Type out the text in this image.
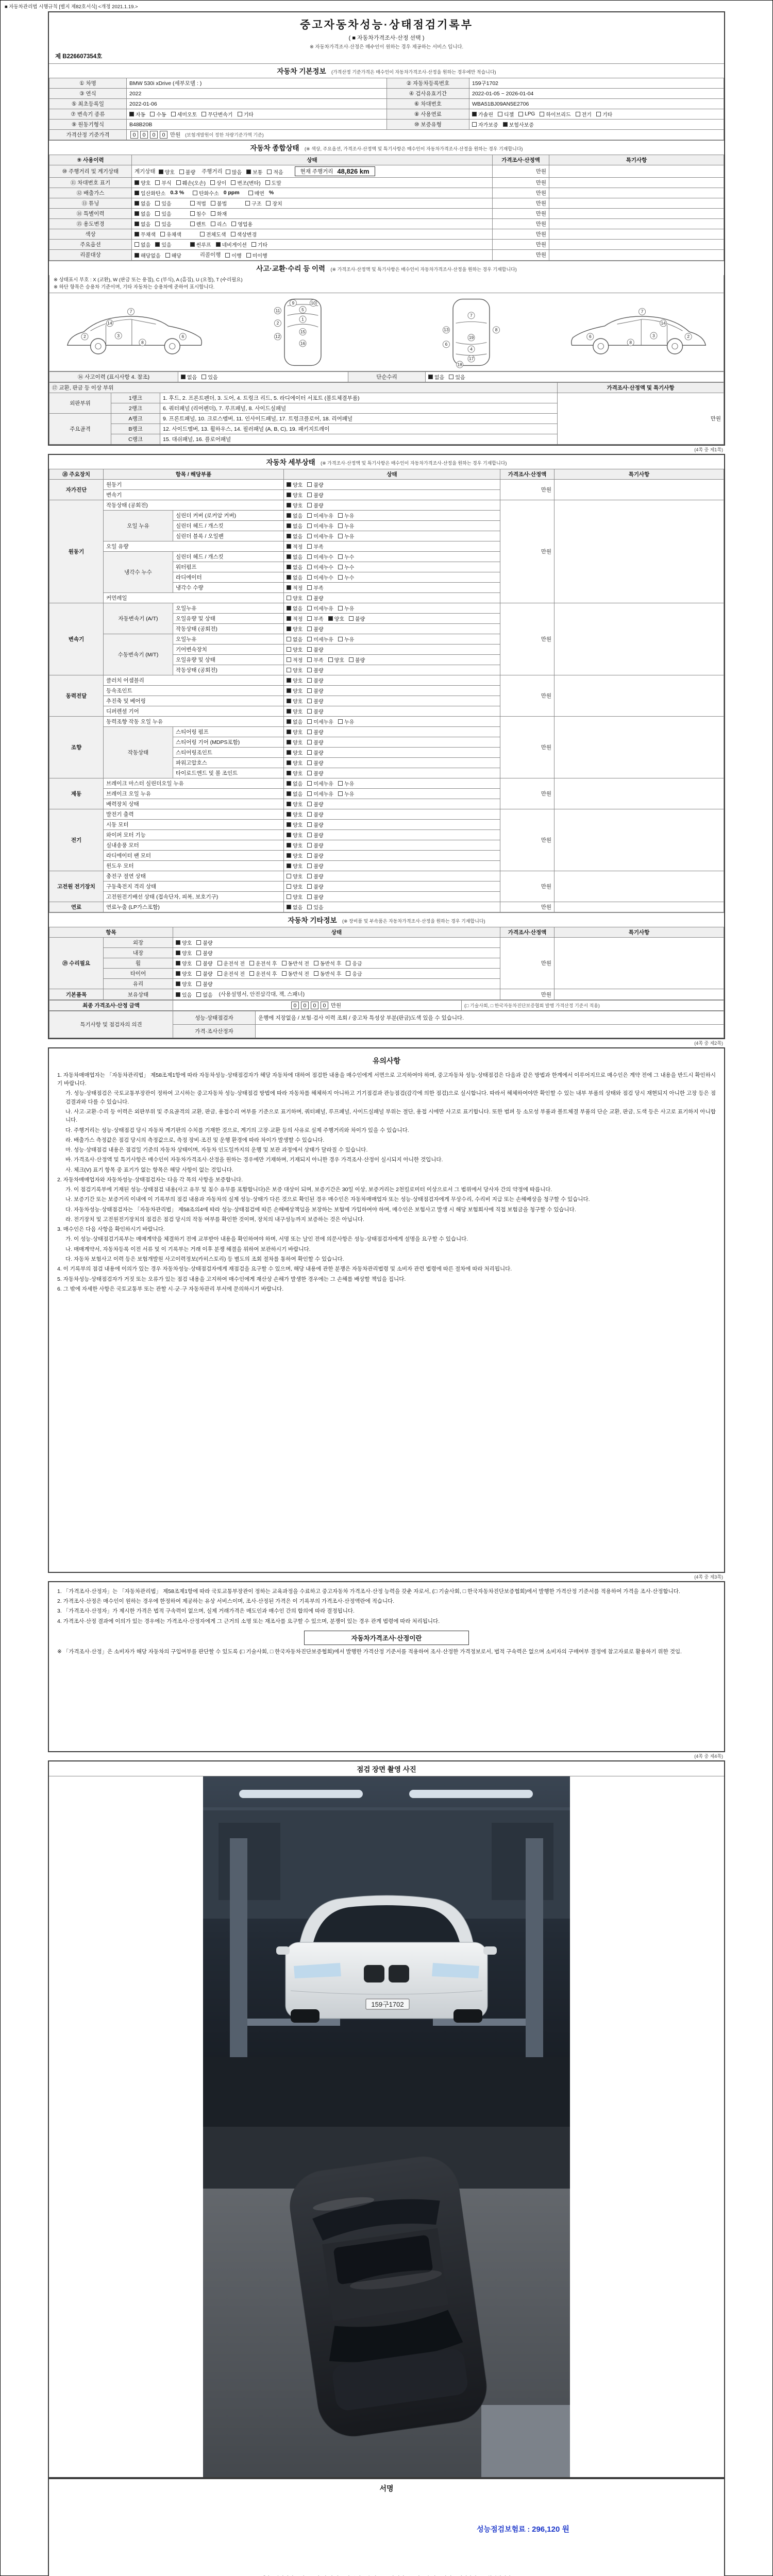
■ 자동차관리법 시행규칙 [별지 제82호서식] <개정 2021.1.19.>
중고자동차성능·상태점검기록부
( ■ 자동차가격조사·산정 선택 )
※ 자동차가격조사·산정은 매수인이 원하는 경우 제공하는 서비스 입니다.
제 B226607354호
자동차 기본정보 (가격산정 기준가격은 매수인이 자동차가격조사·산정을 원하는 경우에만 적습니다)
① 차명	BMW 530i xDrive (세부모델 : )	② 자동차등록번호	159구1702
③ 연식	2022	④ 검사유효기간	2022-01-05 ~ 2026-01-04
⑤ 최초등록일	2022-01-06	⑥ 차대번호	WBA51BJ09AN5E2706
⑦ 변속기 종류	자동 수동 세미오토 무단변속기 기타	⑧ 사용연료	가솔린 디젤 LPG 하이브리드 전기 기타

⑨ 원동기형식	B48B20B	⑩ 보증유형	자가보증 보험사보증

가격산정 기준가격	0 0 0 0 만원 (보험개발원이 정한 차량기준가액 기준)		
자동차 종합상태 (※ 색상, 주요옵션, 가격조사·산정액 및 특기사항은 매수인이 자동차가격조사·산정을 원하는 경우 기재합니다)
⑨ 사용이력	상태	가격조사·산정액	특기사항
⑩ 주행거리 및 계기상태	계기상태 양호 불량 주행거리 많음 보통 적음
	현재 주행거리 48,826 km	만원	
⑪ 차대번호 표기	양호 부식 훼손(오손) 상이 변조(변타) 도말	만원	
⑫ 배출가스	일산화탄소 0.3 %	탄화수소 0 ppm	매연 %	만원	
⑬ 튜닝	없음 있음
	적법 불법
	구조 장치	만원	
⑭ 특별이력	없음 있음
침수 화재	만원	
⑮ 용도변경	없음 있음
렌트 리스 영업용	만원	
색상	무채색 유채색
전체도색 색상변경	만원	
주요옵션	없음 있음
썬루프 네비게이션 기타	만원	
리콜대상	해당없음 해당 리콜이행 이행 미이행	만원	
사고·교환·수리 등 이력 (※ 가격조사·산정액 및 특기사항은 매수인이 자동차가격조사·산정을 원하는 경우 기재합니다)
※ 상태표시 부호 : X (교환), W (판금 또는 용접), C (부식), A (흠집), U (요철), T (수리필요)
※ 하단 항목은 승용차 기준이며, 기타 자동차는 승용차에 준하여 표시합니다.
2	3	6
7
8
14
9	10
5
1
11
2
12
15
16
7
19
4
17
18
6
13	8
2
3
6
7
8
14
⑯ 사고이력 (표시사항 4. 참조)	없음 있음	단순수리	없음 있음
⑰ 교환, 판금 등 이상 부위			가격조사·산정액 및 특기사항
외판부위	1랭크	1. 후드, 2. 프론트펜더, 3. 도어, 4. 트렁크 리드, 5. 라디에이터 서포트 (볼트체결부품)	만원
	2랭크	6. 쿼터패널 (리어펜더), 7. 루프패널, 8. 사이드실패널	
주요골격	A랭크	9. 프론트패널, 10. 크로스멤버, 11. 인사이드패널, 17. 트렁크플로어, 18. 리어패널	
	B랭크	12. 사이드멤버, 13. 휠하우스, 14. 필러패널 (A, B, C), 19. 패키지트레이	
	C랭크	15. 대쉬패널, 16. 플로어패널	
(4쪽 중 제1쪽)
자동차 세부상태 (※ 가격조사·산정액 및 특기사항은 매수인이 자동차가격조사·산정을 원하는 경우 기재합니다)
⑱ 주요장치	항목 / 해당부품		상태	가격조사·산정액	특기사항
자가진단	원동기		양호 불량	만원	
	변속기		양호 불량		

원동기	작동상태 (공회전)		양호 불량	만원	
	오일 누유	실린더 커버 (로커암 커버)	없음 미세누유 누유		

		실린더 헤드 / 개스킷	없음 미세누유 누유		

		실린더 블록 / 오일팬	없음 미세누유 누유		

	오일 유량		적정 부족		

	냉각수 누수	실린더 헤드 / 개스킷	없음 미세누수 누수		

		워터펌프	없음 미세누수 누수		

		라디에이터	없음 미세누수 누수		

		냉각수 수량	적정 부족		

	커먼레일		양호 불량		

변속기	자동변속기 (A/T)	오일누유	없음 미세누유 누유	만원	
		오일유량 및 상태	적정 부족 양호 불량		

		작동상태 (공회전)	양호 불량		

	수동변속기 (M/T)	오일누유	없음 미세누유 누유		

		기어변속장치	양호 불량		

		오일유량 및 상태	적정 부족 양호 불량		

		작동상태 (공회전)	양호 불량		

동력전달	클러치 어셈블리		양호 불량	만원	
	등속조인트		양호 불량		

	추진축 및 베어링		양호 불량		

	디퍼렌셜 기어		양호 불량		

조향	동력조향 작동 오일 누유		없음 미세누유 누유	만원	
	작동상태	스티어링 펌프	양호 불량		

		스티어링 기어 (MDPS포함)	양호 불량		

		스티어링조인트	양호 불량		

		파워고압호스	양호 불량		

		타이로드엔드 및 볼 조인트	양호 불량		

제동	브레이크 마스터 실린더오일 누유		없음 미세누유 누유	만원	
	브레이크 오일 누유		없음 미세누유 누유		

	배력장치 상태		양호 불량		

전기	발전기 출력		양호 불량	만원	
	시동 모터		양호 불량		

	와이퍼 모터 기능		양호 불량		

	실내송풍 모터		양호 불량		

	라디에이터 팬 모터		양호 불량		

	윈도우 모터		양호 불량		

고전원 전기장치	충전구 절연 상태		양호 불량	만원	
	구동축전지 격리 상태		양호 불량		

	고전원전기배선 상태 (접속단자, 피복, 보호기구)		양호 불량		

연료	연료누출 (LP가스포함)		없음 있음	만원	
자동차 기타정보 (※ 장비품 및 부속품은 자동차가격조사·산정을 원하는 경우 기재합니다)
항목		상태	가격조사·산정액	특기사항
⑲ 수리필요	외장	양호 불량	만원	
	내장	양호 불량		

휠	양호 불량 운전석 전 운전석 후 동반석 전 동반석 후 응급

타이어	양호 불량 운전석 전 운전석 후 동반석 전 동반석 후 응급

	유리	양호 불량		

기본품목	보유상태	있음 없음 (사용설명서, 안전삼각대, 잭, 스패너)	만원	
최종 가격조사·산정 금액	0 0 0 0 만원	(□ 기술사회, □ 한국자동차진단보증협회 발행 가격산정 기준서 적용)
특기사항 및 점검자의 의견	성능·상태점검자	운행에 지장없음 / 보험·검사 이력 조회 / 중고차 특성상 부분(판금)도색 있을 수 있습니다.
	가격·조사산정자	
(4쪽 중 제2쪽)
유의사항
1. 자동차매매업자는 「자동차관리법」 제58조제1항에 따라 자동차성능·상태점검자가 해당 자동차에 대하여 점검한 내용을 매수인에게 서면으로 고지하여야 하며, 중고자동차 성능·상태점검은 다음과 같은 방법과 한계에서 이루어지므로 매수인은 계약 전에 그 내용을 반드시 확인하시기 바랍니다.
가. 성능·상태점검은 국토교통부장관이 정하여 고시하는 중고자동차 성능·상태점검 방법에 따라 자동차를 해체하지 아니하고 기기점검과 관능점검(감각에 의한 점검)으로 실시합니다. 따라서 해체하여야만 확인할 수 있는 내부 부품의 상태와 점검 당시 재현되지 아니한 고장 등은 점검결과와 다를 수 있습니다.
나. 사고·교환·수리 등 이력은 외판부위 및 주요골격의 교환, 판금, 용접수리 여부를 기준으로 표기하며, 쿼터패널, 루프패널, 사이드실패널 부위는 절단, 용접 시에만 사고로 표기합니다. 또한 범퍼 등 소모성 부품과 볼트체결 부품의 단순 교환, 판금, 도색 등은 사고로 표기하지 아니합니다.
다. 주행거리는 성능·상태점검 당시 자동차 계기판의 수치를 기재한 것으로, 계기의 고장·교환 등의 사유로 실제 주행거리와 차이가 있을 수 있습니다.
라. 배출가스 측정값은 점검 당시의 측정값으로, 측정 장비·조건 및 운행 환경에 따라 차이가 발생할 수 있습니다.
마. 성능·상태점검 내용은 점검일 기준의 자동차 상태이며, 자동차 인도일까지의 운행 및 보관 과정에서 상태가 달라질 수 있습니다.
바. 가격조사·산정액 및 특기사항은 매수인이 자동차가격조사·산정을 원하는 경우에만 기재하며, 기재되지 아니한 경우 가격조사·산정이 실시되지 아니한 것입니다.
사. 체크(V) 표기 항목 중 표기가 없는 항목은 해당 사항이 없는 것입니다.
2. 자동차매매업자와 자동차성능·상태점검자는 다음 각 목의 사항을 보증합니다.
가. 이 점검기록부에 기재된 성능·상태점검 내용(사고 유무 및 침수 유무를 포함합니다)은 보증 대상이 되며, 보증기간은 30일 이상, 보증거리는 2천킬로미터 이상으로서 그 범위에서 당사자 간의 약정에 따릅니다.
나. 보증기간 또는 보증거리 이내에 이 기록부의 점검 내용과 자동차의 실제 성능·상태가 다른 것으로 확인된 경우 매수인은 자동차매매업자 또는 성능·상태점검자에게 무상수리, 수리비 지급 또는 손해배상을 청구할 수 있습니다.
다. 자동차성능·상태점검자는 「자동차관리법」 제58조의4에 따라 성능·상태점검에 따른 손해배상책임을 보장하는 보험에 가입하여야 하며, 매수인은 보험사고 발생 시 해당 보험회사에 직접 보험금을 청구할 수 있습니다.
라. 전기장치 및 고전원전기장치의 점검은 점검 당시의 작동 여부를 확인한 것이며, 장치의 내구성능까지 보증하는 것은 아닙니다.
3. 매수인은 다음 사항을 확인하시기 바랍니다.
가. 이 성능·상태점검기록부는 매매계약을 체결하기 전에 교부받아 내용을 확인하여야 하며, 서명 또는 날인 전에 의문사항은 성능·상태점검자에게 설명을 요구할 수 있습니다.
나. 매매계약서, 자동차등록 이전 서류 및 이 기록부는 거래 이후 분쟁 해결을 위하여 보관하시기 바랍니다.
다. 자동차 보험사고 이력 등은 보험개발원 사고이력정보(카히스토리) 등 별도의 조회 절차를 통하여 확인할 수 있습니다.
4. 이 기록부의 점검 내용에 이의가 있는 경우 자동차성능·상태점검자에게 재점검을 요구할 수 있으며, 해당 내용에 관한 분쟁은 자동차관리법령 및 소비자 관련 법령에 따른 절차에 따라 처리됩니다.
5. 자동차성능·상태점검자가 거짓 또는 오류가 있는 점검 내용을 고지하여 매수인에게 재산상 손해가 발생한 경우에는 그 손해를 배상할 책임을 집니다.
6. 그 밖에 자세한 사항은 국토교통부 또는 관할 시·군·구 자동차관리 부서에 문의하시기 바랍니다.
(4쪽 중 제3쪽)
1. 「가격조사·산정자」는 「자동차관리법」 제58조제1항에 따라 국토교통부장관이 정하는 교육과정을 수료하고 중고자동차 가격조사·산정 능력을 갖춘 자로서, (□ 기술사회, □ 한국자동차진단보증협회)에서 발행한 가격산정 기준서를 적용하여 가격을 조사·산정합니다.
2. 가격조사·산정은 매수인이 원하는 경우에 한정하여 제공하는 유상 서비스이며, 조사·산정된 가격은 이 기록부의 가격조사·산정액란에 적습니다.
3. 「가격조사·산정자」가 제시한 가격은 법적 구속력이 없으며, 실제 거래가격은 매도인과 매수인 간의 합의에 따라 결정됩니다.
4. 가격조사·산정 결과에 이의가 있는 경우에는 가격조사·산정자에게 그 근거의 소명 또는 재조사를 요구할 수 있으며, 분쟁이 있는 경우 관계 법령에 따라 처리됩니다.
자동차가격조사·산정이란
※ 「가격조사·산정」은 소비자가 해당 자동차의 구입여부를 판단할 수 있도록 (□ 기술사회, □ 한국자동차진단보증협회)에서 발행한 가격산정 기준서를 적용하여 조사·산정한 가격정보로서, 법적 구속력은 없으며 소비자의 구매여부 결정에 참고자료로 활용하기 위한 것임.
(4쪽 중 제4쪽)
점검 장면 촬영 사진
159구1702
서명
성능점검보험료 : 296,120 원
